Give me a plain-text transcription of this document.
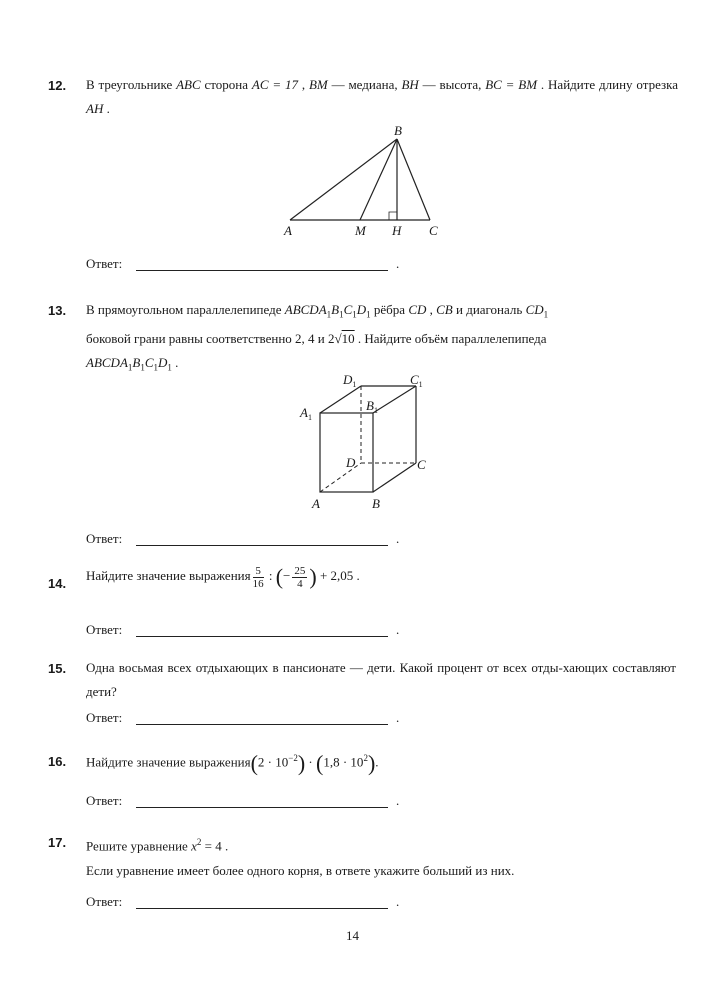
12. В треугольнике ABC сторона AC = 17 , BM — медиана, BH — высота, BC = BM . Найдите длину отрезка AH .
A	M H C
B
Ответ:	.
13. В прямоугольном параллелепипеде $ABCDA_1B_1C_1D_1$ рёбра CD , CB и диагональ $CD_1$
боковой грани равны соответственно 2, 4 и 2√10 . Найдите объём параллелепипеда
$ABCDA_1B_1C_1D_1$ .
A	B
C
D
$A_1$
$B_1$
$C_1$
$D_1$
Ответ:	.
14.
Найдите значение выражения $\frac{5}{16}$ : (− $\frac{25}{4}$ ) + 2,05 .
Ответ:	.
15. Одна восьмая всех отдыхающих в пансионате — дети. Какой процент от всех отды-хающих составляют дети?
Ответ:	.
16. Найдите значение выражения(2 · $10^{-2}) \cdot (1,8 \cdot 10^2)$.
Ответ:	.
17. Решите уравнение $x^2 = 4$ .
Если уравнение имеет более одного корня, в ответе укажите больший из них.
Ответ:	.
14
